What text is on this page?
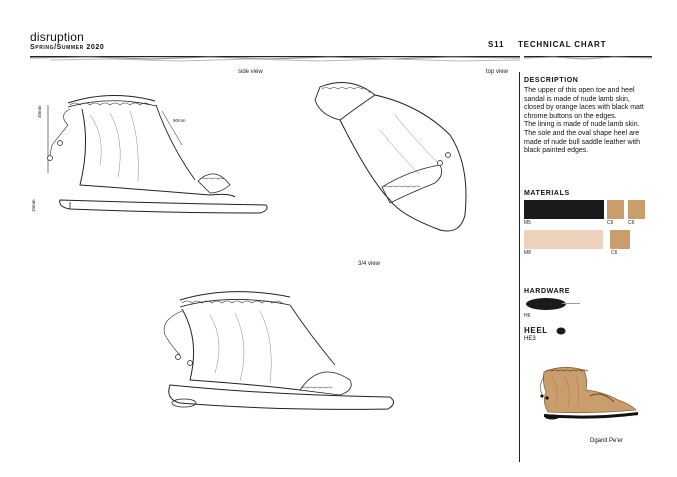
disruption
Spring/Summer 2020	S11 TECHNICAL CHART
side view	top view
3/4 view
40mm
90mm
10mm
DESCRIPTION

The upper of this open toe and heel sandal is made of nude lamb skin, closed by orange laces with black matt chrome buttons on the edges.

The lining is made of nude lamb skin.

The sole and the oval shape heel are made of nude bull saddle leather with black painted edges.

MATERIALS
M5	C6	C6
M8	C6
HARDWARE
H6
HEEL
HE3
Dganit Pe'er
